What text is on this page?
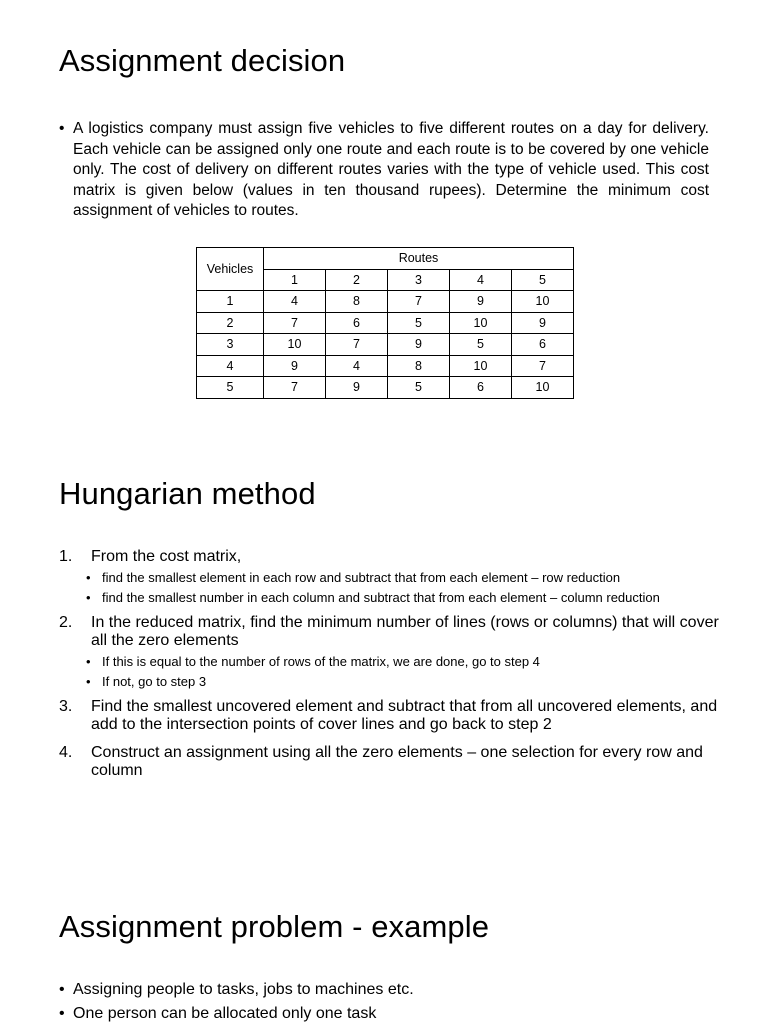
Assignment decision
• A logistics company must assign five vehicles to five different routes on a day for delivery. Each vehicle can be assigned only one route and each route is to be covered by one vehicle only. The cost of delivery on different routes varies with the type of vehicle used. This cost matrix is given below (values in ten thousand rupees). Determine the minimum cost assignment of vehicles to routes.
Vehicles	Routes				
	1	2	3	4	5
1	4	8	7	9	10
2	7	6	5	10	9
3	10	7	9	5	6
4	9	4	8	10	7
5	7	9	5	6	10
Hungarian method
1. From the cost matrix,
• find the smallest element in each row and subtract that from each element – row reduction
• find the smallest number in each column and subtract that from each element – column reduction
2. In the reduced matrix, find the minimum number of lines (rows or columns) that will cover all the zero elements
• If this is equal to the number of rows of the matrix, we are done, go to step 4
• If not, go to step 3
3. Find the smallest uncovered element and subtract that from all uncovered elements, and add to the intersection points of cover lines and go back to step 2
4. Construct an assignment using all the zero elements – one selection for every row and column
Assignment problem - example
• Assigning people to tasks, jobs to machines etc.
• One person can be allocated only one task
